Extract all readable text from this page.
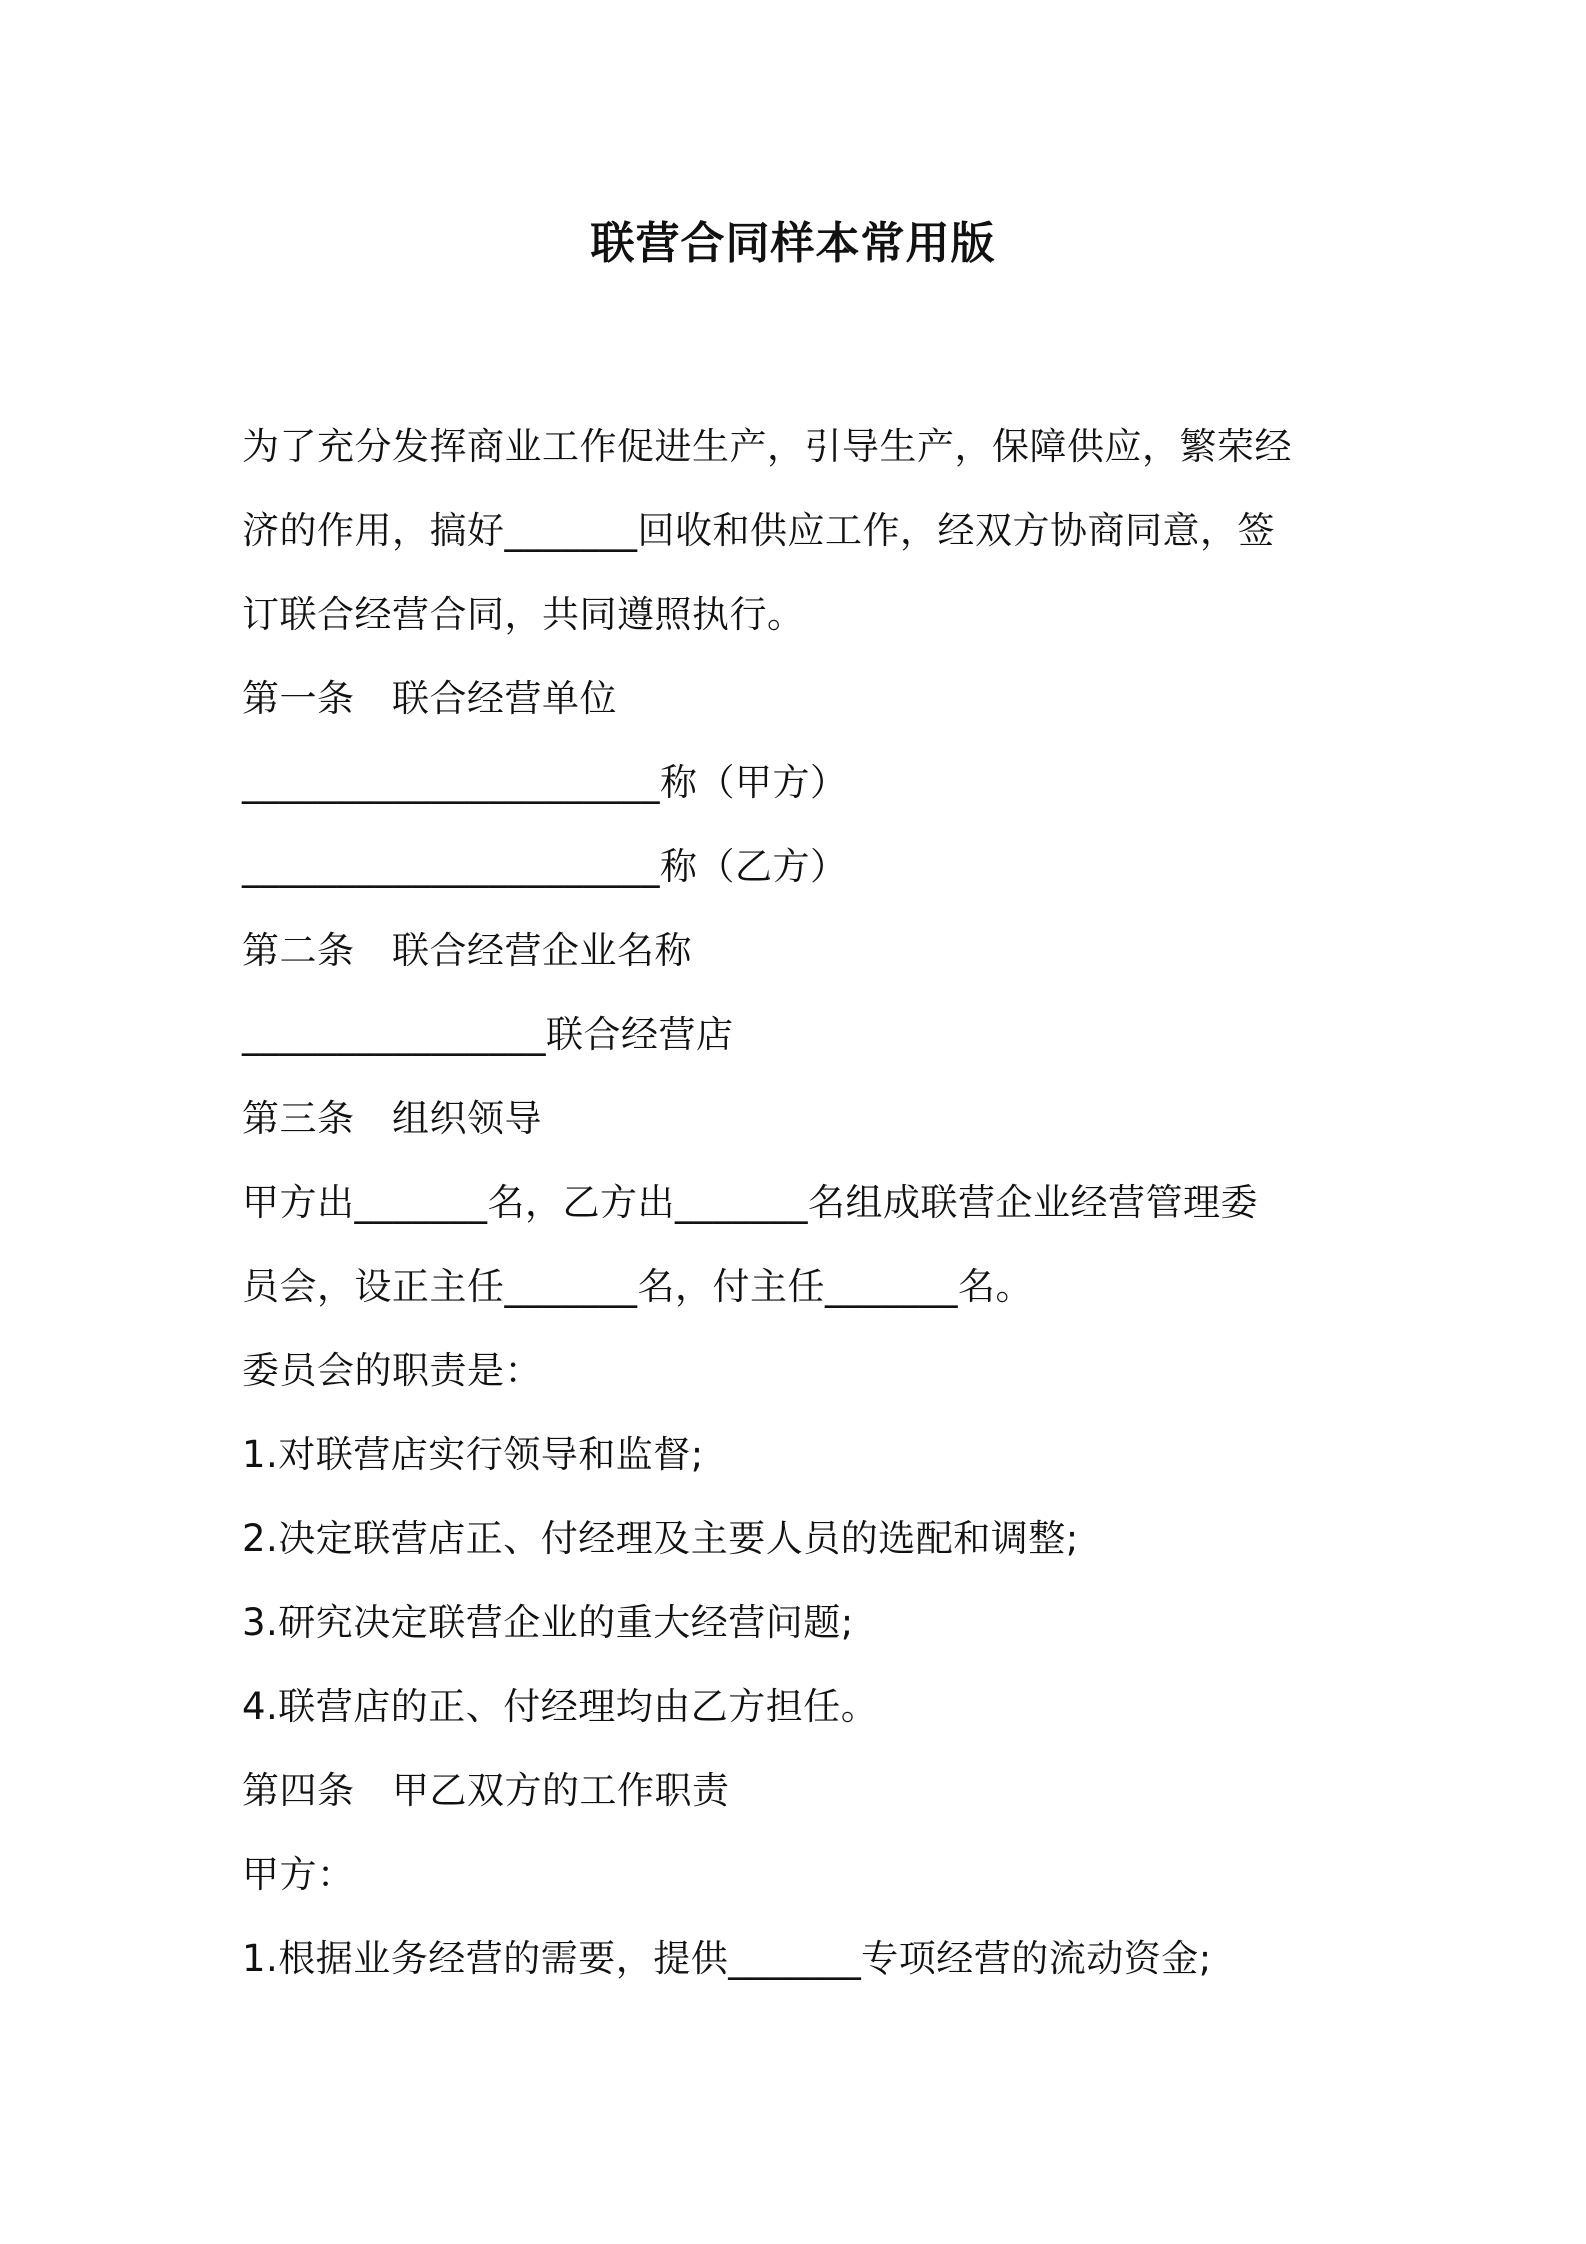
联营合同样本常用版
为了充分发挥商业工作促进生产，引导生产，保障供应，繁荣经
济的作用，搞好_______回收和供应工作，经双方协商同意，签
订联合经营合同，共同遵照执行。
第一条　联合经营单位
______________________称（甲方）
______________________称（乙方）
第二条　联合经营企业名称
________________联合经营店
第三条　组织领导
甲方出_______名，乙方出_______名组成联营企业经营管理委
员会，设正主任_______名，付主任_______名。
委员会的职责是：
1.对联营店实行领导和监督;
2.决定联营店正、付经理及主要人员的选配和调整;
3.研究决定联营企业的重大经营问题;
4.联营店的正、付经理均由乙方担任。
第四条　甲乙双方的工作职责
甲方：
1.根据业务经营的需要，提供_______专项经营的流动资金;
